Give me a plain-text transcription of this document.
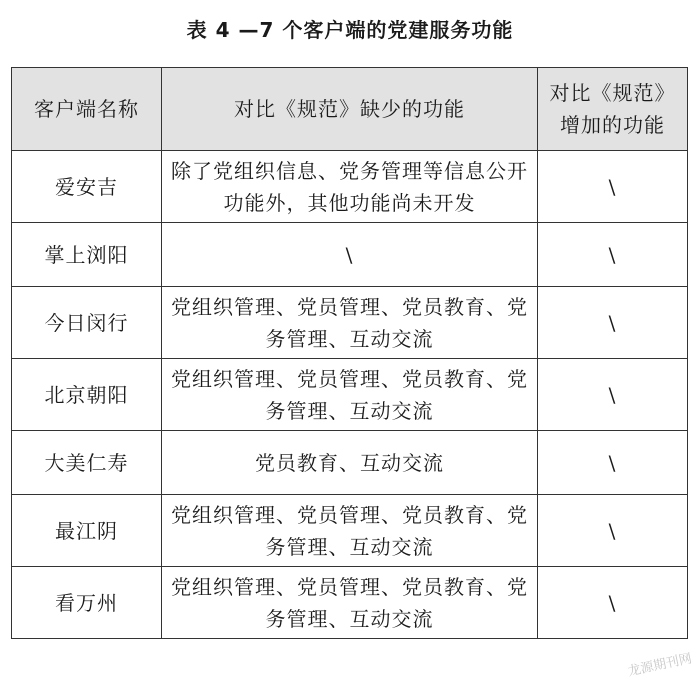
表 4 —7 个客户端的党建服务功能
客户端名称	对比《规范》缺少的功能	对比《规范》增加的功能
爱安吉	除了党组织信息、党务管理等信息公开功能外，其他功能尚未开发	\
掌上浏阳	\	\
今日闵行	党组织管理、党员管理、党员教育、党务管理、互动交流	\
北京朝阳	党组织管理、党员管理、党员教育、党务管理、互动交流	\
大美仁寿	党员教育、互动交流	\
最江阴	党组织管理、党员管理、党员教育、党务管理、互动交流	\
看万州	党组织管理、党员管理、党员教育、党务管理、互动交流	\
龙源期刊网
